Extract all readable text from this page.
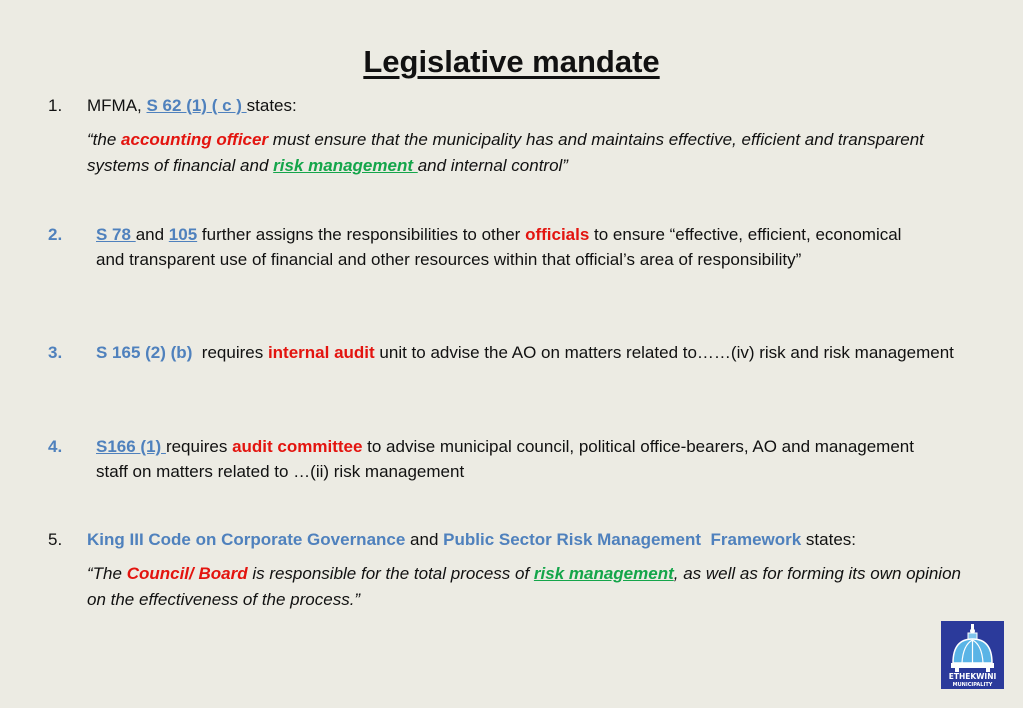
Legislative mandate
1. MFMA, S 62 (1) ( c ) states:
“the accounting officer must ensure that the municipality has and maintains effective, efficient and transparent systems of financial and risk management and internal control”
2. S 78 and 105 further assigns the responsibilities to other officials to ensure “effective, efficient, economical and transparent use of financial and other resources within that official’s area of responsibility”
3. S 165 (2) (b)  requires internal audit unit to advise the AO on matters related to……(iv) risk and risk management
4. S166 (1) requires audit committee to advise municipal council, political office-bearers, AO and management staff on matters related to …(ii) risk management
5. King III Code on Corporate Governance and Public Sector Risk Management  Framework states:
“The Council/ Board is responsible for the total process of risk management, as well as for forming its own opinion on the effectiveness of the process.”
ETHEKWINI
MUNICIPALITY
